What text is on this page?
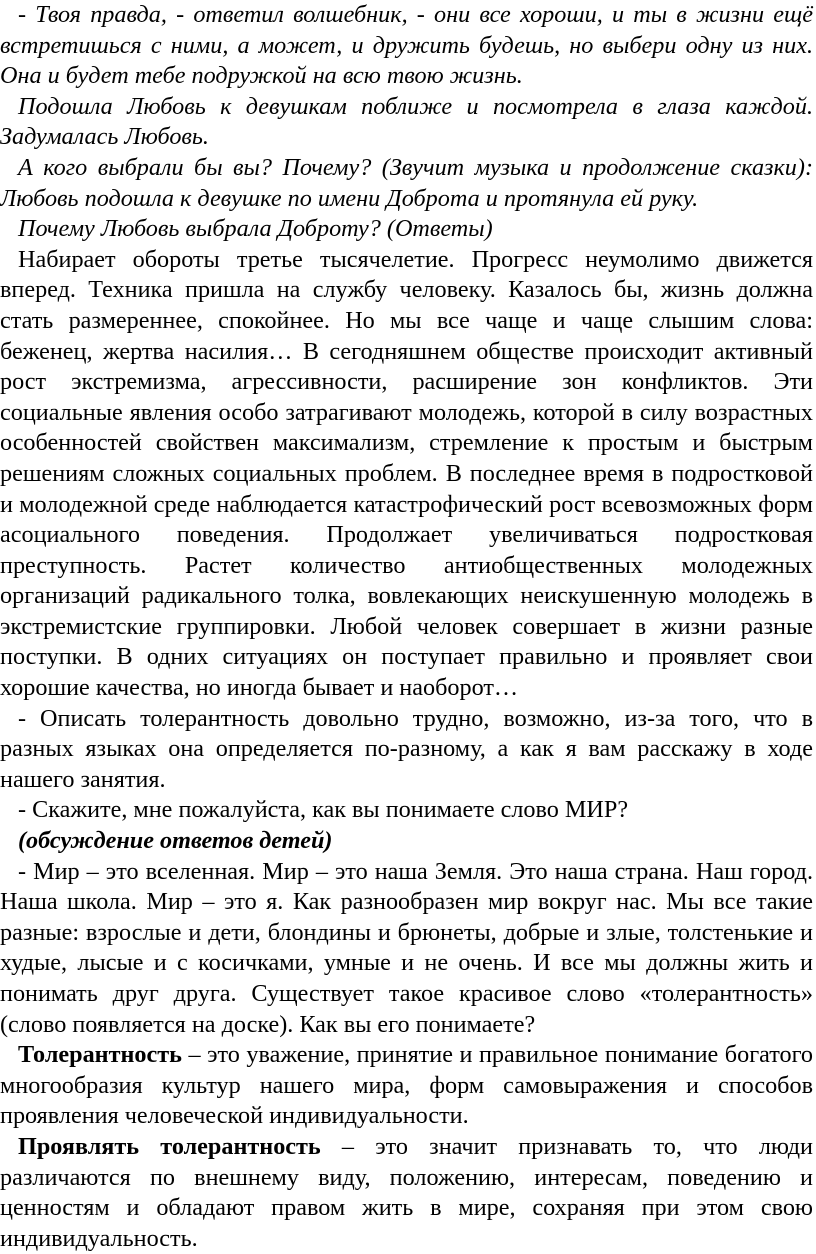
- Твоя правда, - ответил волшебник, - они все хороши, и ты в жизни ещё встретишься с ними, а может, и дружить будешь, но выбери одну из них. Она и будет тебе подружкой на всю твою жизнь.

Подошла Любовь к девушкам поближе и посмотрела в глаза каждой. Задумалась Любовь.

А кого выбрали бы вы? Почему? (Звучит музыка и продолжение сказки): Любовь подошла к девушке по имени Доброта и протянула ей руку.

Почему Любовь выбрала Доброту? (Ответы)

Набирает обороты третье тысячелетие. Прогресс неумолимо движется вперед. Техника пришла на службу человеку. Казалось бы, жизнь должна стать размереннее, спокойнее. Но мы все чаще и чаще слышим слова: беженец, жертва насилия… В сегодняшнем обществе происходит активный рост экстремизма, агрессивности, расширение зон конфликтов. Эти социальные явления особо затрагивают молодежь, которой в силу возрастных особенностей свойствен максимализм, стремление к простым и быстрым решениям сложных социальных проблем. В последнее время в подростковой и молодежной среде наблюдается катастрофический рост всевозможных форм асоциального поведения. Продолжает увеличиваться подростковая преступность. Растет количество антиобщественных молодежных организаций радикального толка, вовлекающих неискушенную молодежь в экстремистские группировки. Любой человек совершает в жизни разные поступки. В одних ситуациях он поступает правильно и проявляет свои хорошие качества, но иногда бывает и наоборот…

- Описать толерантность довольно трудно, возможно, из-за того, что в разных языках она определяется по-разному, а как я вам расскажу в ходе нашего занятия.

- Скажите, мне пожалуйста, как вы понимаете слово МИР?

(обсуждение ответов детей)

- Мир – это вселенная. Мир – это наша Земля. Это наша страна. Наш город. Наша школа. Мир – это я. Как разнообразен мир вокруг нас. Мы все такие разные: взрослые и дети, блондины и брюнеты, добрые и злые, толстенькие и худые, лысые и с косичками, умные и не очень. И все мы должны жить и понимать друг друга. Существует такое красивое слово «толерантность» (слово появляется на доске). Как вы его понимаете?

Толерантность – это уважение, принятие и правильное понимание богатого многообразия культур нашего мира, форм самовыражения и способов проявления человеческой индивидуальности.

Проявлять толерантность – это значит признавать то, что люди различаются по внешнему виду, положению, интересам, поведению и ценностям и обладают правом жить в мире, сохраняя при этом свою индивидуальность.
